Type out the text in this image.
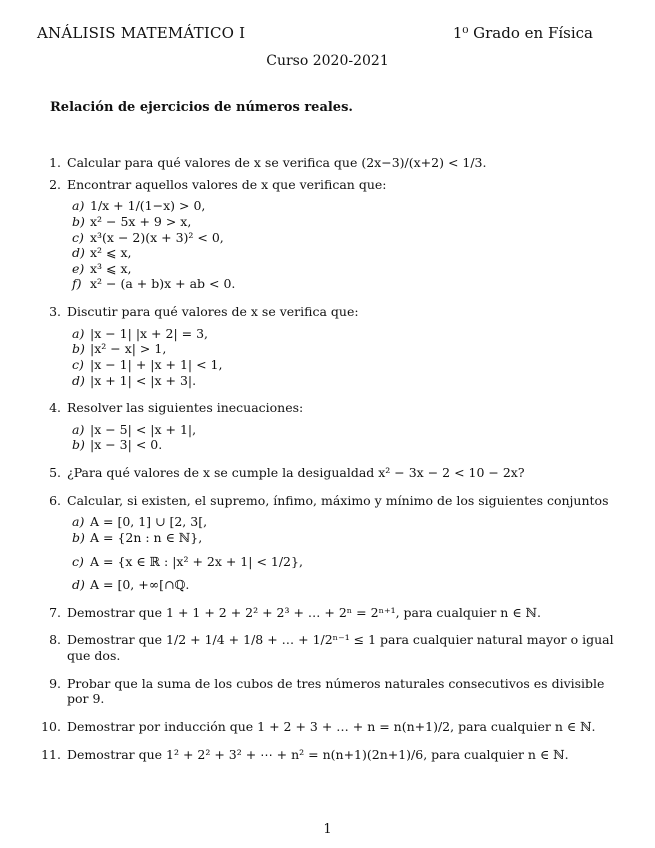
ANÁLISIS MATEMÁTICO I	1⁰ Grado en Física
Curso 2020-2021
Relación de ejercicios de números reales.
1. Calcular para qué valores de x se verifica que (2x−3)/(x+2) < 1/3.
2. Encontrar aquellos valores de x que verifican que:
a) 1/x + 1/(1−x) > 0,
b) x² − 5x + 9 > x,
c) x³(x − 2)(x + 3)² < 0,
d) x² ⩽ x,
e) x³ ⩽ x,
f) x² − (a + b)x + ab < 0.
3. Discutir para qué valores de x se verifica que:
a) |x − 1| |x + 2| = 3,
b) |x² − x| > 1,
c) |x − 1| + |x + 1| < 1,
d) |x + 1| < |x + 3|.
4. Resolver las siguientes inecuaciones:
a) |x − 5| < |x + 1|,
b) |x − 3| < 0.
5. ¿Para qué valores de x se cumple la desigualdad x² − 3x − 2 < 10 − 2x?
6. Calcular, si existen, el supremo, ínfimo, máximo y mínimo de los siguientes conjuntos
a) A = [0, 1] ∪ [2, 3[,
b) A = {2n : n ∈ ℕ},
c) A = {x ∈ ℝ : |x² + 2x + 1| < 1/2},
d) A = [0, +∞[∩ℚ.
7. Demostrar que 1 + 1 + 2 + 2² + 2³ + … + 2ⁿ = 2ⁿ⁺¹, para cualquier n ∈ ℕ.
8. Demostrar que 1/2 + 1/4 + 1/8 + … + 1/2ⁿ⁻¹ ≤ 1 para cualquier natural mayor o igual que dos.
9. Probar que la suma de los cubos de tres números naturales consecutivos es divisible por 9.
10. Demostrar por inducción que 1 + 2 + 3 + … + n = n(n+1)/2, para cualquier n ∈ ℕ.
11. Demostrar que 1² + 2² + 3² + ⋯ + n² = n(n+1)(2n+1)/6, para cualquier n ∈ ℕ.
1
